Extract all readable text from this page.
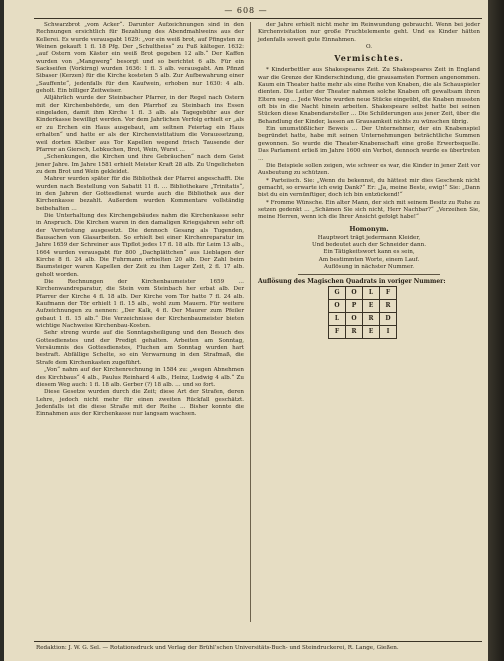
— 608 —

Schwarzbrot „vom Acker“. Darunter Aufzeichnungen sind in den Rechnungen ersichtlich für Bezahlung des Abendmahlweins aus der Kellerei. Es wurde verausgabt 1629: „vor ein weiß brot, auf Pfingsten zu Weinen gekauft 1 fl. 18 Pfg. Der „Schultheiss“ zu Fuß kälteger. 1632: „auf Ostern vom Käster ein weiß Brot gegeben 12 alb.“ Der Kaffen wurden von „Mangwerg“ besorgt und so berichtet 6 alb. Für ein Sackseifen (Vorkirng) wurden 1636: 1 fl. 3 alb. verausgabt. Am Pfinzd Sibaser (Kerzen) für die Kirche kosteten 5 alb. Zur Aufbewahrung einer „Sauffente“, jedenfalls für den Kaufwein, erhoben nur 1630: 4 alb. geholt. Ein billiger Zeitweiser.

Alljährlich wurde der Steinbacher Pfarrer, in der Regel nach Ostern mit der Kirchenbehörde, um den Pfarrhof zu Steinbach ins Essen eingeladen, damit ihm Kirche 1 fl. 3 alb. als Tagegebühr aus der Kinderkasse bewilligt werden. Vor dem Jahrlichen Verfolg erhielt er „als er zu Erchen ein Haus ausgebaut, am seltnen Feiertag ein Haus erhalten“ und hatte er als der Kirchenvistitatium die Voraussetzung, weil dorten Kleiber aus Tor Kapellen wegend frisch Tausende der Pfarrer an Giersch, Lebkuchen, Brot, Wein, Wurst …

„Schenkungen, die Kirchen und ihre Gebräuchen“ nach dem Geist jener Jahre. Im Jahre 1581 erhielt Meister Kraft 28 alb. Zu Ungelicheten zu dem Brot und Wein gekleidet.

Mahrer wurden später für die Bibliothek der Pfarrei angeschafft. Die wurden nach Bestellung von Sabatit 11 fl. … Bibliothekare „Trinitatis“, in den Jahren der Gottesdienst wurde auch die Bibliothek aus der Kirchenkasse bezahlt. Außerdem wurden Kommentare vollständig beibehalten …

Die Unterhaltung des Kirchengebäudes nahm die Kirchenkasse sehr in Anspruch. Die Kirchen waren in den damaligen Kriegsjahren sehr oft der Verwüstung ausgesetzt. Die dennoch Gesang als Tugenden, Bausachen von Glasarbeiten. So erhielt bei einer Kirchenreparatur im Jahre 1659 der Schreiner aus Tipflot jedes 17 fl. 18 alb. für Leim 13 alb., 1664 wurden verausgabt für 800 „Dachplättchen“ aus Lieblagen der Kirche 8 fl. 24 alb. Die Fuhrmann erhielten 20 alb. Der Zahl beim Baumsteiger waren Kapellen der Zeit zu ihm Lager Zeit, 2 fl. 17 alb. geholt worden.

Die Rechnungen der Kirchenbaumeister 1659 … Kirchenwandreparatur, die Stein vom Steinbach her erbat alb. Der Pfarrer der Kirche 4 fl. 18 alb. Der Kirche vom Tor hatte 7 fl. 24 alb. Kaufmann der Tör erhielt 1 fl. 15 alb., wohl zum Mauern. Für weitere Aufzeichnungen zu nennen: „Der Kalk, 4 fl. Der Maurer zum Pfeiler gebaut 1 fl. 15 alb.“ Die Verzeichnisse der Kirchenbaumeister bieten wichtige Nachweise Kirchenbau-Kosten.

Sehr streng wurde auf die Sonntagsheiligung und den Besuch des Gottesdienstes und der Predigt gehalten. Arbeiten am Sonntag, Versäumnis des Gottesdienstes, Fluchen am Sonntag wurden hart bestraft. Abfällige Schelte, so ein Verwarnung in den Strafmaß, die Strafe dem Kirchenkasten zugeführt.

„Von“ nahm auf der Kirchenrechnung in 1584 zu: „wegen Abnehmen des Kirchbaus“ 4 alb., Paulus Reinhard 4 alb., Heinz, Ludwig 4 alb.“ Zu diesem Weg auch: 1 fl. 18 alb. Gerber (?) 18 alb. … und so fort.

Diese Gesetze wurden durch die Zeit; diese Art der Strafen, deren Lehre, jedoch nicht mehr für einen zweiten Rückfall geschätzt. Jedenfalls ist die diese Straße mit der Reihe … Bisher konnte die Einnahmen aus der Kirchenkasse nur langsam wachsen.

der Jahre erhielt nicht mehr im Reinwundung gebraucht. Wenn bei jeder Kirchenvisitation nur große Fruchtelemente geht. Und es Kinder hätten jedenfalls soweit gute Einnahmen.

O.

Vermischtes.

* Kinderbettler aus Shakespeares Zeit. Zu Shakespeares Zeit in England war die Grenze der Kinderschindung, die grausamsten Formen angenommen. Kaum ein Theater hatte mehr als eine Reihe von Knaben, die als Schauspieler dienten. Die Leiter der Theater nahmen solche Knaben oft gewaltsam ihren Eltern weg … Jede Woche wurden neue Stücke eingeübt, die Knaben mussten oft bis in die Nacht hinein arbeiten. Shakespeare selbst hatte bei seinen Stücken diese Knabendarsteller … Die Schilderungen aus jener Zeit, über die Behandlung der Kinder, lassen an Grausamkeit nichts zu wünschen übrig.

Ein unumstößlicher Beweis … Der Unternehmer, der ein Knabenspiel begründet hatte, habe mit seinen Unternehmungen beträchtliche Summen gewonnen. So wurde die Theater-Knabenschaft eine große Erwerbsquelle. Das Parlament erließ im Jahre 1600 ein Verbot, dennoch wurde es übertreten …

Die Beispiele sollen zeigen, wie schwer es war, die Kinder in jener Zeit vor Ausbeutung zu schützen.

* Parteiisch. Sie: „Wenn du bekennst, du hättest mir dies Geschenk nicht gemacht, so erwarte ich ewig Dank?“ Er: „Ja, meine Beste, ewig!“ Sie: „Dann bist du ein vernünftiger, doch ich bin entzückend!“

* Fromme Wünsche. Ein alter Mann, der sich mit seinem Besitz zu Ruhe zu setzen gedenkt … „Schämen Sie sich nicht, Herr Nachbar?“ „Verzeihen Sie, meine Herren, wenn ich die Ihrer Ansicht gefolgt habe!“

Homonym.

Hauptwort trägt jedermann Kleider,

Und bedeutet auch der Schneider dann.

Ein Tätigkeitswort kann es sein,

Am bestimmten Worte, einem Lauf.

Auflösung in nächster Nummer.

Auflösung des Magischen Quadrats in voriger Nummer:

G	O	L	F
O	P	E	R
L	O	R	D
F	R	E	I
Redaktion: J. W. G. Sel. — Rotationsdruck und Verlag der Brühl’schen Universitäts-Buch- und Steindruckerei, R. Lange, Gießen.
